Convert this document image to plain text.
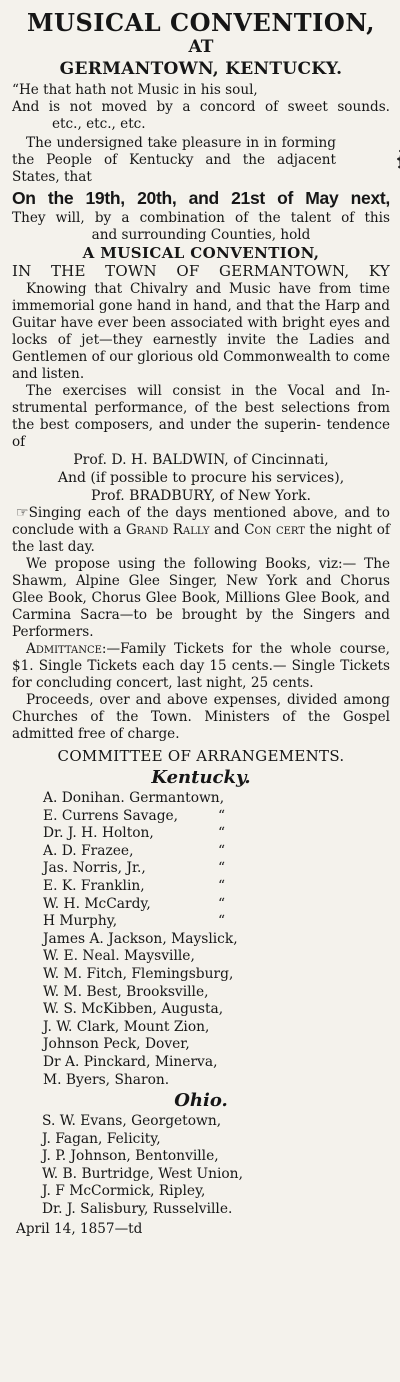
MUSICAL CONVENTION,
AT
GERMANTOWN, KENTUCKY.
“He that hath not Music in his soul,
And is not moved by a concord of sweet sounds.
etc., etc., etc.
The undersigned take pleasure in in forming the People of Kentucky and the adjacent States, that
On the 19th, 20th, and 21st of May next,
They will, by a combination of the talent of this
and surrounding Counties, hold
A MUSICAL CONVENTION,
IN THE TOWN OF GERMANTOWN, KY

Knowing that Chivalry and Music have from time immemorial gone hand in hand, and that the Harp and Guitar have ever been associated with bright eyes and locks of jet—they earnestly invite the Ladies and Gentlemen of our glorious old Commonwealth to come and listen.

The exercises will consist in the Vocal and In- strumental performance, of the best selections from the best composers, and under the superin- tendence of

Prof. D. H. BALDWIN, of Cincinnati,
And (if possible to procure his services),
Prof. BRADBURY, of New York.

☞Singing each of the days mentioned above, and to conclude with a Grand Rally and Con cert the night of the last day.

We propose using the following Books, viz:— The Shawm, Alpine Glee Singer, New York and Chorus Glee Book, Chorus Glee Book, Millions Glee Book, and Carmina Sacra—to be brought by the Singers and Performers.

Admittance:—Family Tickets for the whole course, $1. Single Tickets each day 15 cents.— Single Tickets for concluding concert, last night, 25 cents.

Proceeds, over and above expenses, divided among Churches of the Town. Ministers of the Gospel admitted free of charge.

COMMITTEE OF ARRANGEMENTS.
Kentucky.
A. Donihan. Germantown,
E. Currens Savage,	“
Dr. J. H. Holton,	“
A. D. Frazee,	“
Jas. Norris, Jr.,	“
E. K. Franklin,	“
W. H. McCardy,	“
H Murphy,	“
James A. Jackson, Mayslick,
W. E. Neal. Maysville,
W. M. Fitch, Flemingsburg,
W. M. Best, Brooksville,
W. S. McKibben, Augusta,
J. W. Clark, Mount Zion,
Johnson Peck, Dover,
Dr A. Pinckard, Minerva,
M. Byers, Sharon.
Ohio.
S. W. Evans, Georgetown,
J. Fagan, Felicity,
J. P. Johnson, Bentonville,
W. B. Burtridge, West Union,
J. F McCormick, Ripley,
Dr. J. Salisbury, Russelville.
April 14, 1857—td
